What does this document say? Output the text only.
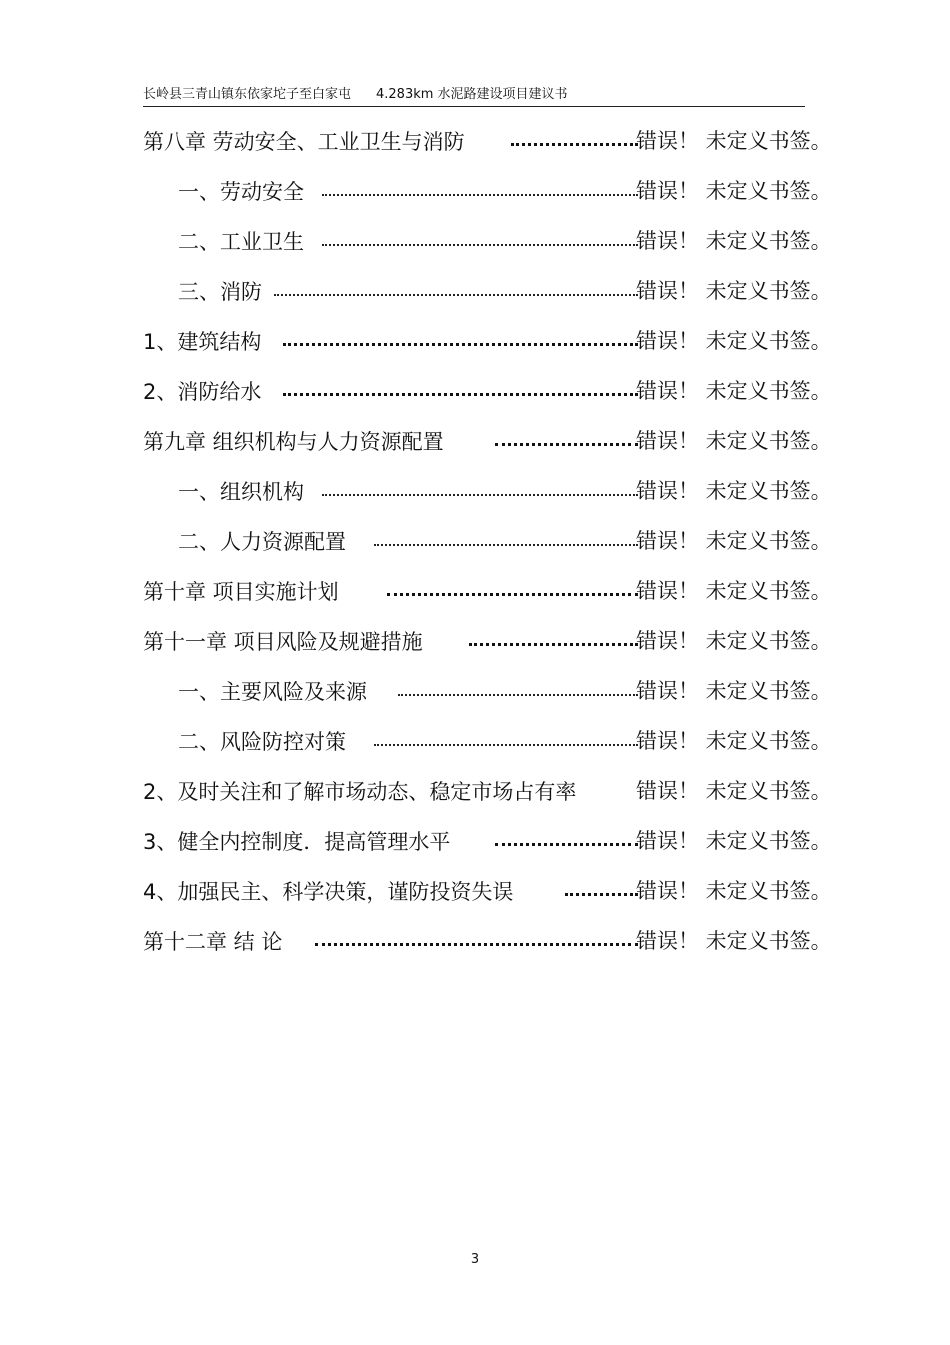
长岭县三青山镇东依家坨子至白家屯 4.283km 水泥路建设项目建议书
第八章 劳动安全、工业卫生与消防	错误！ 未定义书签。
一、劳动安全	错误！ 未定义书签。
二、工业卫生	错误！ 未定义书签。
三、消防	错误！ 未定义书签。
1、建筑结构	错误！ 未定义书签。
2、消防给水	错误！ 未定义书签。
第九章 组织机构与人力资源配置	错误！ 未定义书签。
一、组织机构	错误！ 未定义书签。
二、人力资源配置	错误！ 未定义书签。
第十章 项目实施计划	错误！ 未定义书签。
第十一章 项目风险及规避措施	错误！ 未定义书签。
一、主要风险及来源	错误！ 未定义书签。
二、风险防控对策	错误！ 未定义书签。
2、及时关注和了解市场动态、稳定市场占有率	错误！ 未定义书签。
3、健全内控制度．提高管理水平	错误！ 未定义书签。
4、加强民主、科学决策，谨防投资失误	错误！ 未定义书签。
第十二章 结 论	错误！ 未定义书签。
3
